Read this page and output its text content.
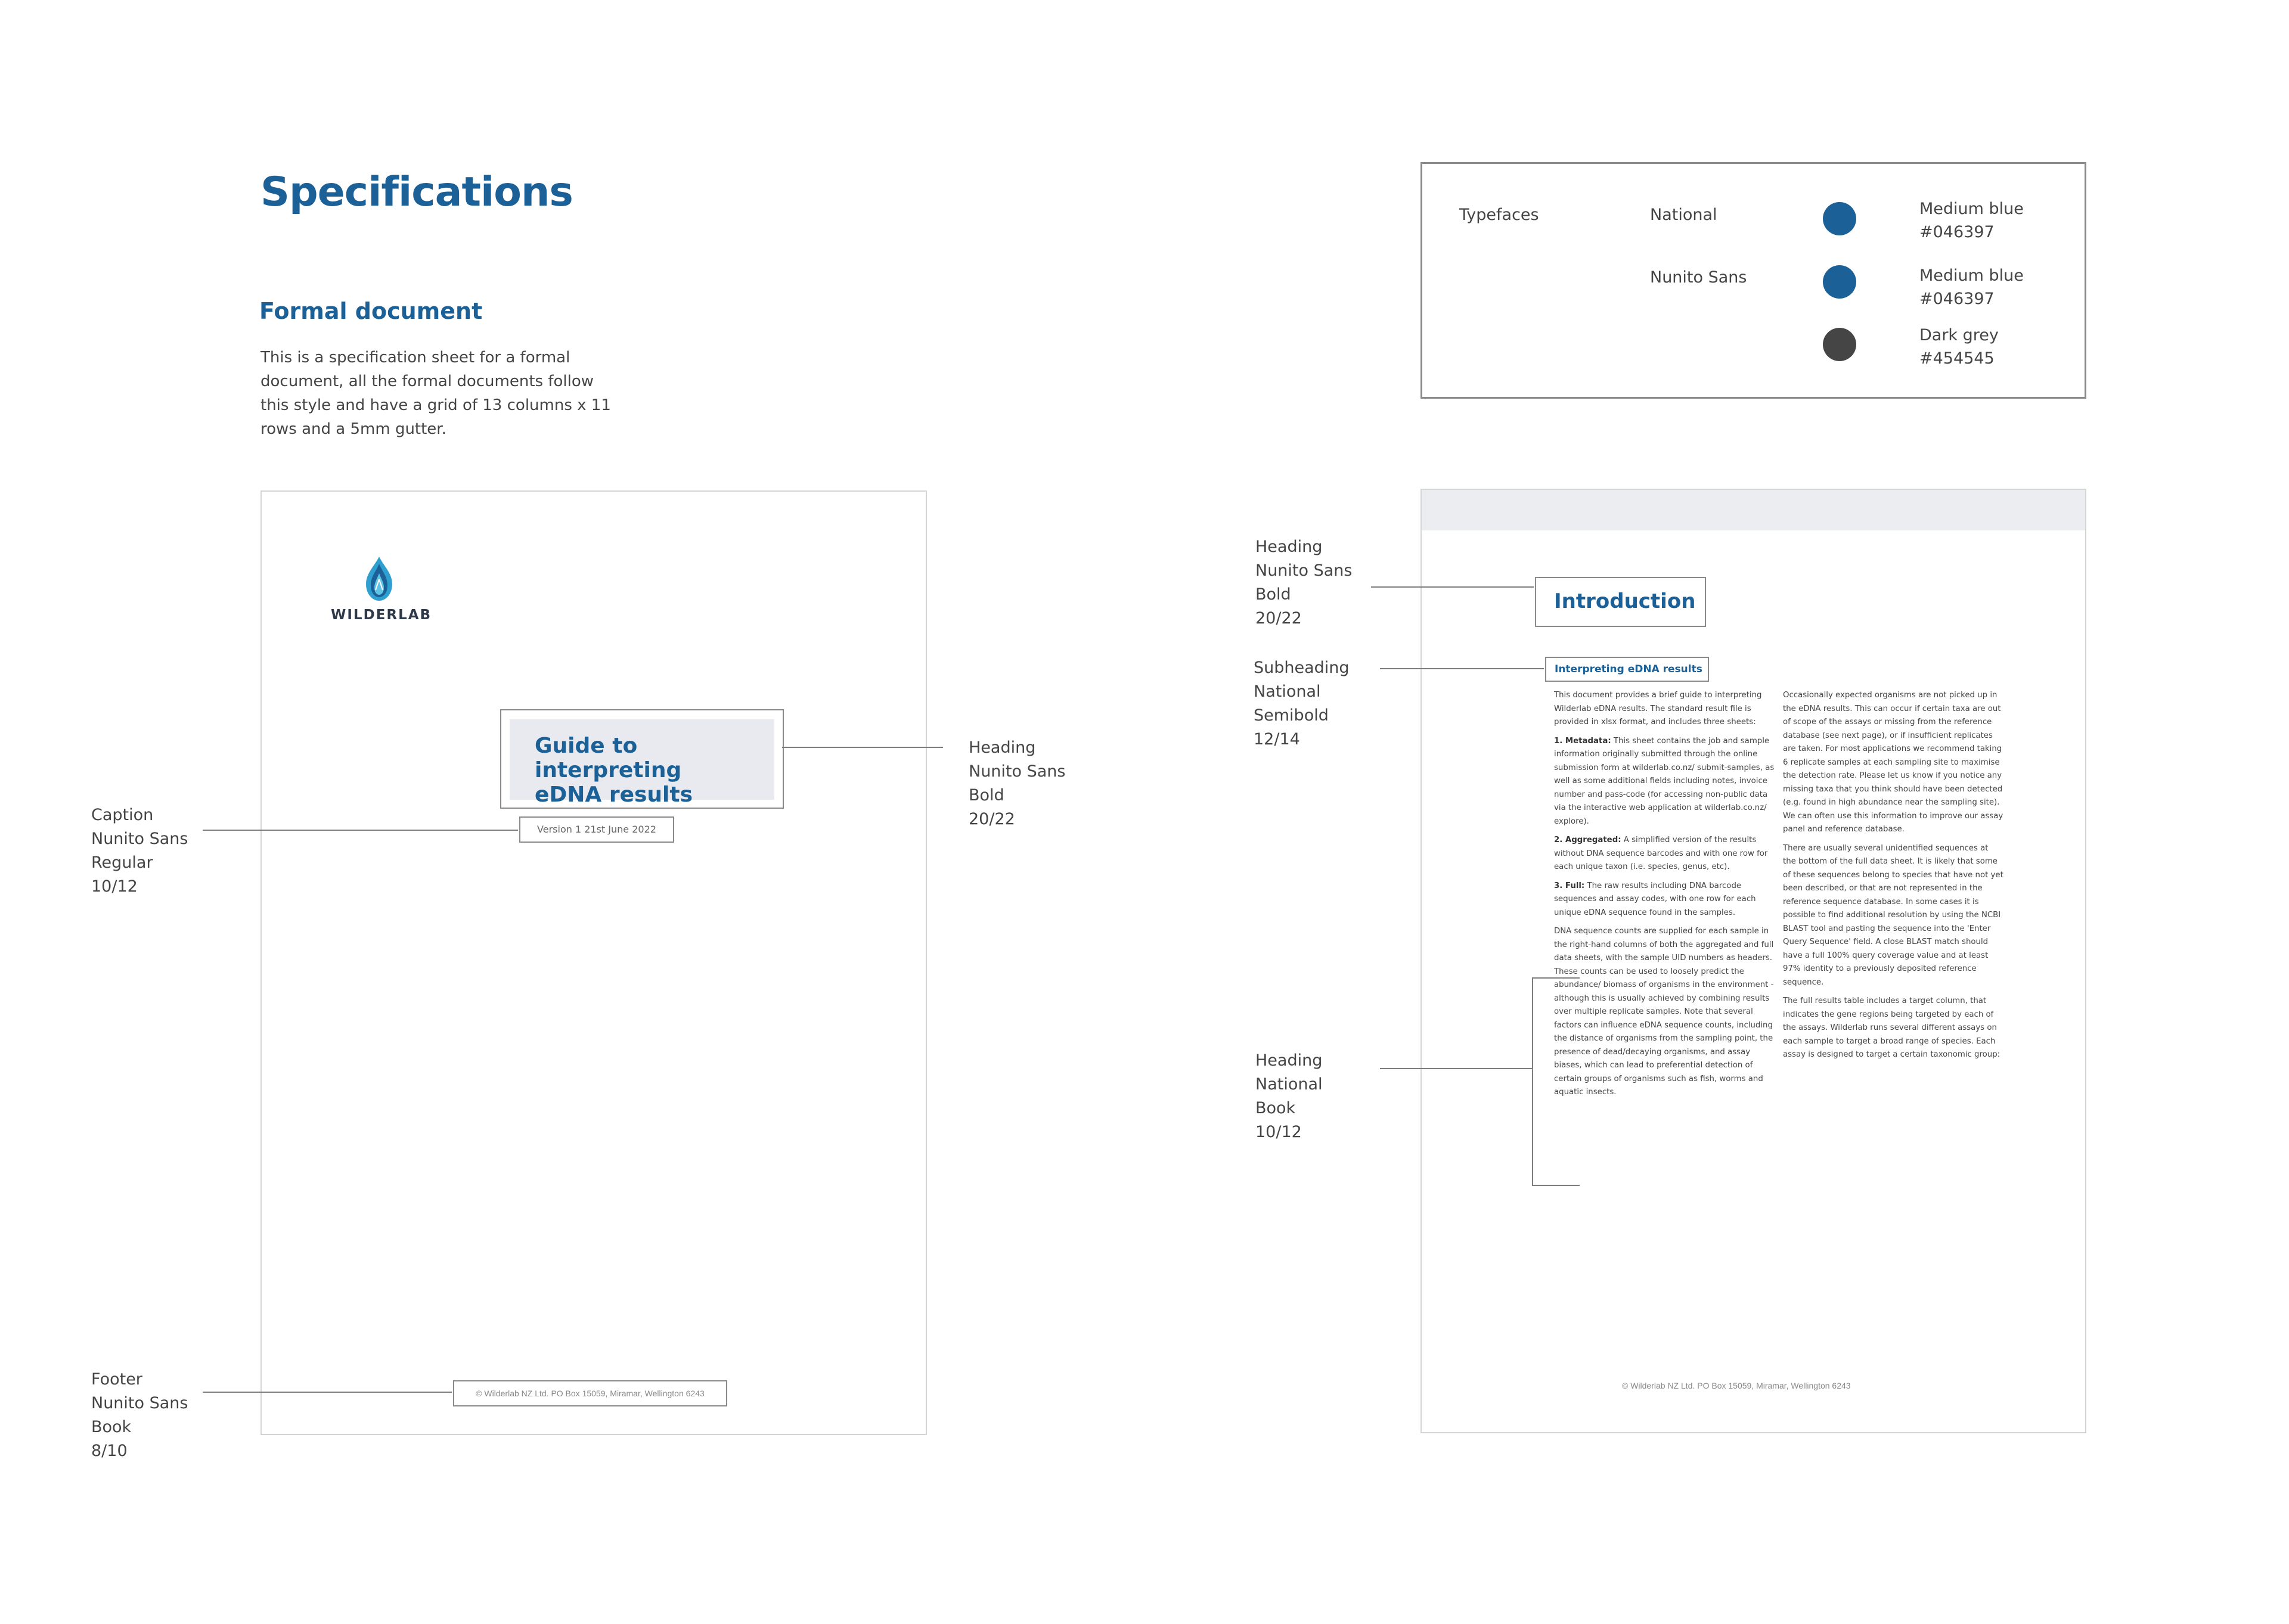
Specifications
Formal document
This is a specification sheet for a formal document, all the formal documents follow this style and have a grid of 13 columns x 11 rows and a 5mm gutter.
Typefaces	National
Nunito Sans
Medium blue
#046397
Medium blue
#046397
Dark grey
#454545
WILDERLAB
Guide to interpreting
eDNA results
Version 1 21st June 2022
© Wilderlab NZ Ltd. PO Box 15059, Miramar, Wellington 6243
Introduction
Interpreting eDNA results

This document provides a brief guide to interpreting Wilderlab eDNA results. The standard result file is provided in xlsx format, and includes three sheets:

1. Metadata: This sheet contains the job and sample information originally submitted through the online submission form at wilderlab.co.nz/ submit-samples, as well as some additional fields including notes, invoice number and pass-code (for accessing non-public data via the interactive web application at wilderlab.co.nz/ explore).

2. Aggregated: A simplified version of the results without DNA sequence barcodes and with one row for each unique taxon (i.e. species, genus, etc).

3. Full: The raw results including DNA barcode sequences and assay codes, with one row for each unique eDNA sequence found in the samples.

DNA sequence counts are supplied for each sample in the right-hand columns of both the aggregated and full data sheets, with the sample UID numbers as headers. These counts can be used to loosely predict the abundance/ biomass of organisms in the environment - although this is usually achieved by combining results over multiple replicate samples. Note that several factors can influence eDNA sequence counts, including the distance of organisms from the sampling point, the presence of dead/decaying organisms, and assay biases, which can lead to preferential detection of certain groups of organisms such as fish, worms and aquatic insects.

Occasionally expected organisms are not picked up in the eDNA results. This can occur if certain taxa are out of scope of the assays or missing from the reference database (see next page), or if insufficient replicates are taken. For most applications we recommend taking 6 replicate samples at each sampling site to maximise the detection rate. Please let us know if you notice any missing taxa that you think should have been detected (e.g. found in high abundance near the sampling site). We can often use this information to improve our assay panel and reference database.

There are usually several unidentified sequences at the bottom of the full data sheet. It is likely that some of these sequences belong to species that have not yet been described, or that are not represented in the reference sequence database. In some cases it is possible to find additional resolution by using the NCBI BLAST tool and pasting the sequence into the 'Enter Query Sequence' field. A close BLAST match should have a full 100% query coverage value and at least 97% identity to a previously deposited reference sequence.

The full results table includes a target column, that indicates the gene regions being targeted by each of the assays. Wilderlab runs several different assays on each sample to target a broad range of species. Each assay is designed to target a certain taxonomic group:

© Wilderlab NZ Ltd. PO Box 15059, Miramar, Wellington 6243
Caption
Nunito Sans
Regular
10/12
Footer
Nunito Sans
Book
8/10
Heading
Nunito Sans
Bold
20/22
Heading
Nunito Sans
Bold
20/22
Subheading
National
Semibold
12/14
Heading
National
Book
10/12
